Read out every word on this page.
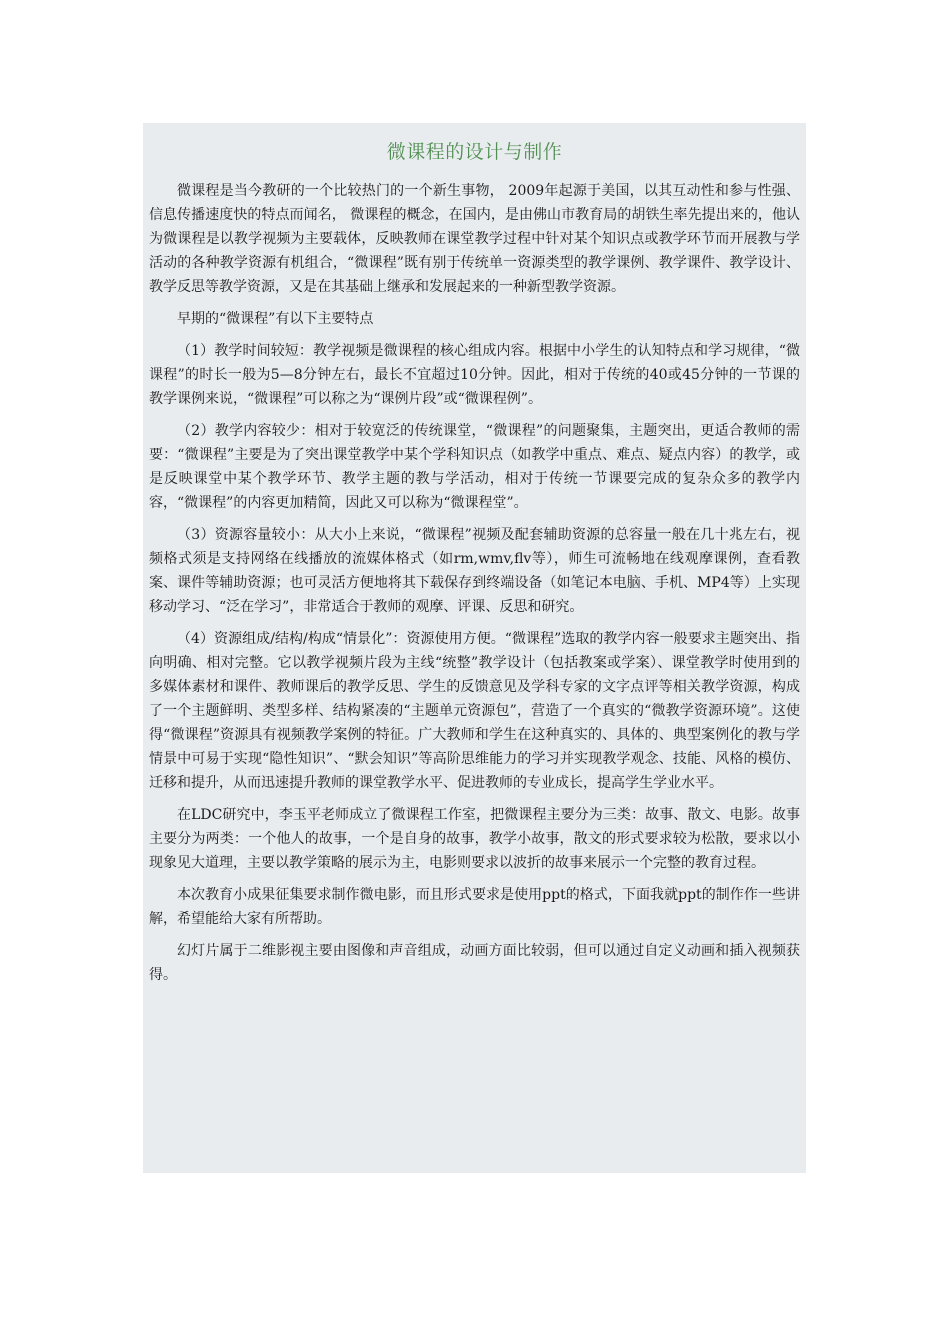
微课程的设计与制作

微课程是当今教研的一个比较热门的一个新生事物， 2009年起源于美国，以其互动性和参与性强、信息传播速度快的特点而闻名， 微课程的概念，在国内，是由佛山市教育局的胡铁生率先提出来的，他认为微课程是以教学视频为主要载体，反映教师在课堂教学过程中针对某个知识点或教学环节而开展教与学活动的各种教学资源有机组合，“微课程”既有别于传统单一资源类型的教学课例、教学课件、教学设计、教学反思等教学资源，又是在其基础上继承和发展起来的一种新型教学资源。

早期的“微课程”有以下主要特点

（1）教学时间较短：教学视频是微课程的核心组成内容。根据中小学生的认知特点和学习规律，“微课程”的时长一般为5—8分钟左右，最长不宜超过10分钟。因此，相对于传统的40或45分钟的一节课的教学课例来说，“微课程”可以称之为“课例片段”或“微课程例”。

（2）教学内容较少：相对于较宽泛的传统课堂，“微课程”的问题聚集，主题突出，更适合教师的需要：“微课程”主要是为了突出课堂教学中某个学科知识点（如教学中重点、难点、疑点内容）的教学，或是反映课堂中某个教学环节、教学主题的教与学活动，相对于传统一节课要完成的复杂众多的教学内容，“微课程”的内容更加精简，因此又可以称为“微课程堂”。

（3）资源容量较小：从大小上来说，“微课程”视频及配套辅助资源的总容量一般在几十兆左右，视频格式须是支持网络在线播放的流媒体格式（如rm,wmv,flv等），师生可流畅地在线观摩课例，查看教案、课件等辅助资源；也可灵活方便地将其下载保存到终端设备（如笔记本电脑、手机、MP4等）上实现移动学习、“泛在学习”，非常适合于教师的观摩、评课、反思和研究。

（4）资源组成/结构/构成“情景化”：资源使用方便。“微课程”选取的教学内容一般要求主题突出、指向明确、相对完整。它以教学视频片段为主线“统整”教学设计（包括教案或学案）、课堂教学时使用到的多媒体素材和课件、教师课后的教学反思、学生的反馈意见及学科专家的文字点评等相关教学资源，构成了一个主题鲜明、类型多样、结构紧凑的“主题单元资源包”，营造了一个真实的“微教学资源环境”。这使得“微课程”资源具有视频教学案例的特征。广大教师和学生在这种真实的、具体的、典型案例化的教与学情景中可易于实现“隐性知识”、“默会知识”等高阶思维能力的学习并实现教学观念、技能、风格的模仿、迁移和提升，从而迅速提升教师的课堂教学水平、促进教师的专业成长，提高学生学业水平。

在LDC研究中，李玉平老师成立了微课程工作室，把微课程主要分为三类：故事、散文、电影。故事主要分为两类：一个他人的故事，一个是自身的故事，教学小故事，散文的形式要求较为松散，要求以小现象见大道理，主要以教学策略的展示为主，电影则要求以波折的故事来展示一个完整的教育过程。

本次教育小成果征集要求制作微电影，而且形式要求是使用ppt的格式，下面我就ppt的制作作一些讲解，希望能给大家有所帮助。

幻灯片属于二维影视主要由图像和声音组成，动画方面比较弱，但可以通过自定义动画和插入视频获得。
